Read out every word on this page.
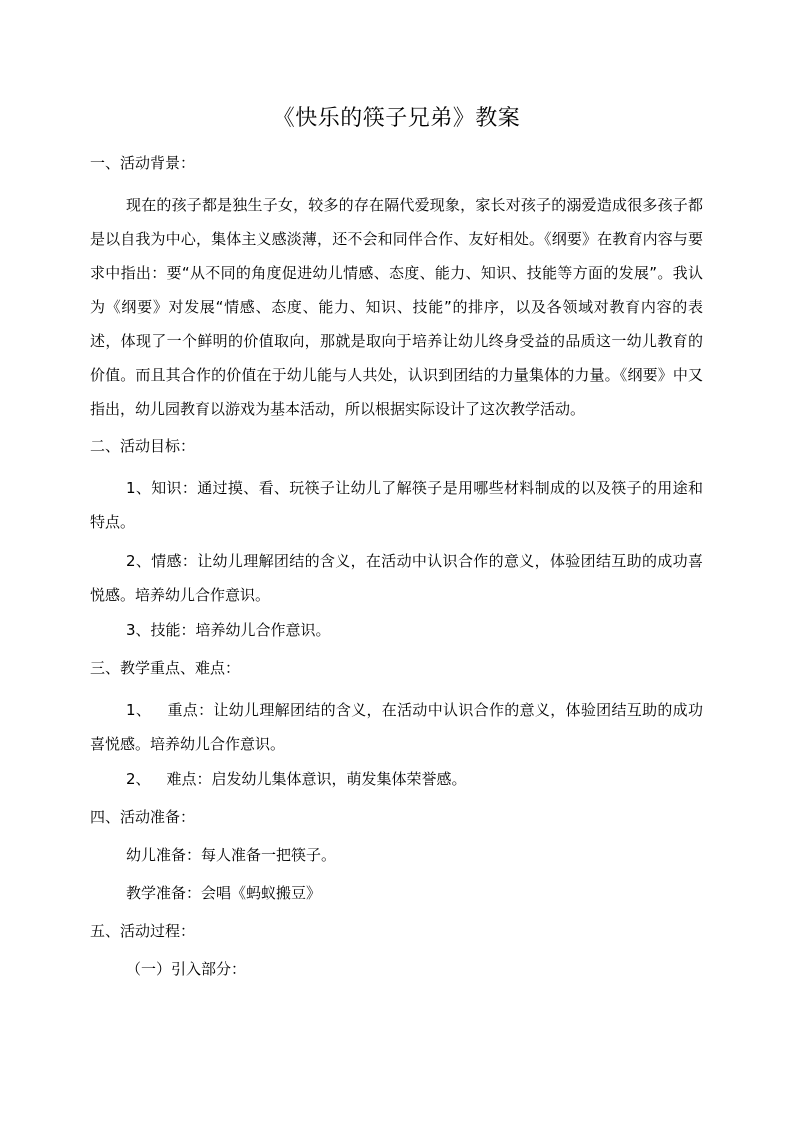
《快乐的筷子兄弟》教案
一、活动背景：
现在的孩子都是独生子女，较多的存在隔代爱现象，家长对孩子的溺爱造成很多孩子都是以自我为中心，集体主义感淡薄，还不会和同伴合作、友好相处。《纲要》在教育内容与要求中指出：要“从不同的角度促进幼儿情感、态度、能力、知识、技能等方面的发展”。我认为《纲要》对发展“情感、态度、能力、知识、技能”的排序，以及各领域对教育内容的表述，体现了一个鲜明的价值取向，那就是取向于培养让幼儿终身受益的品质这一幼儿教育的价值。而且其合作的价值在于幼儿能与人共处，认识到团结的力量集体的力量。《纲要》中又指出，幼儿园教育以游戏为基本活动，所以根据实际设计了这次教学活动。
二、活动目标：
1、知识：通过摸、看、玩筷子让幼儿了解筷子是用哪些材料制成的以及筷子的用途和特点。
2、情感：让幼儿理解团结的含义，在活动中认识合作的意义，体验团结互助的成功喜悦感。培养幼儿合作意识。
3、技能：培养幼儿合作意识。
三、教学重点、难点：
1、 重点：让幼儿理解团结的含义，在活动中认识合作的意义，体验团结互助的成功喜悦感。培养幼儿合作意识。
2、 难点：启发幼儿集体意识，萌发集体荣誉感。
四、活动准备：
幼儿准备：每人准备一把筷子。
教学准备：会唱《蚂蚁搬豆》
五、活动过程：
（一）引入部分：
